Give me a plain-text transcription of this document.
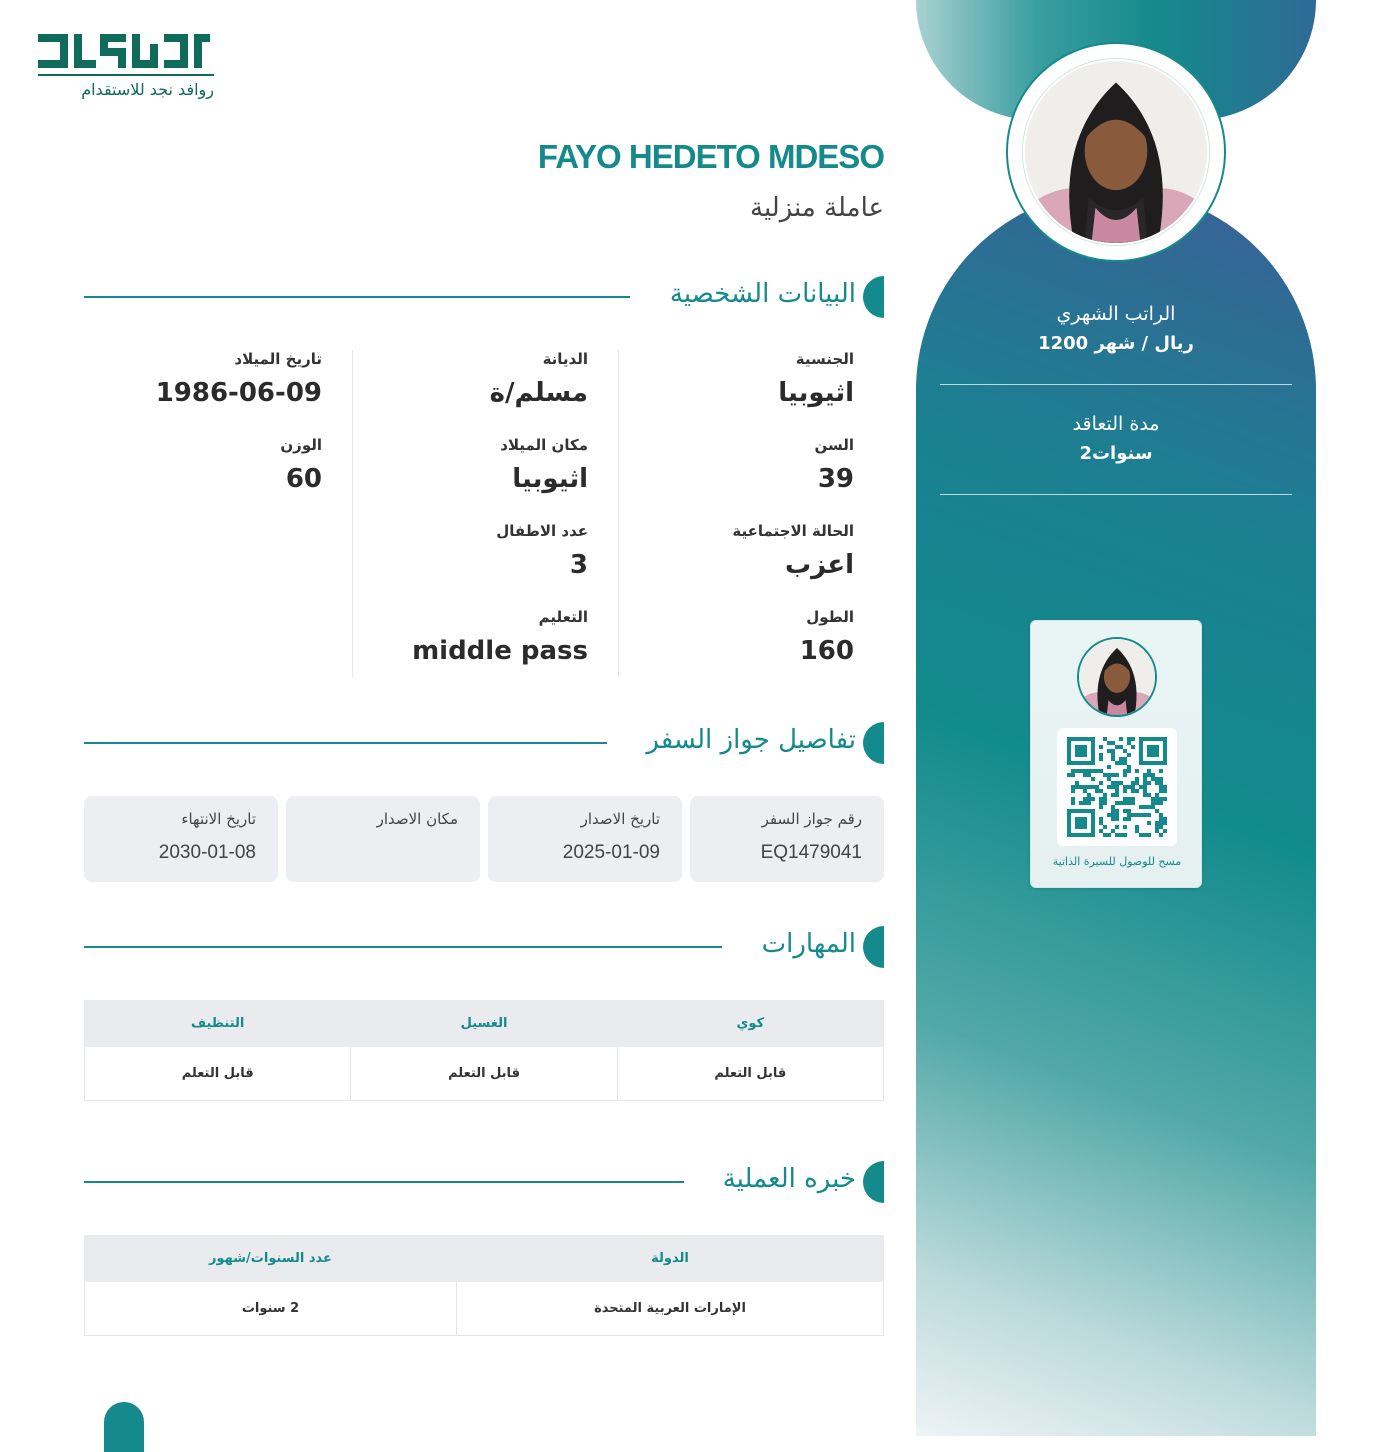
الراتب الشهري
1200 ريال / شهر
مدة التعاقد
2سنوات
مسح للوصول للسيرة الذاتية
روافد نجد للاستقدام
FAYO HEDETO MDESO
عاملة منزلية
البيانات الشخصية
الجنسية
اثيوبيا
السن
39
الحالة الاجتماعية
اعزب
الطول
160
الديانة
مسلم/ة
مكان الميلاد
اثيوبيا
عدد الاطفال
3
التعليم
middle pass
تاريخ الميلاد
1986-06-09
الوزن
60
تفاصيل جواز السفر
رقم جواز السفر
EQ1479041
تاريخ الاصدار
2025-01-09
مكان الاصدار
تاريخ الانتهاء
2030-01-08
المهارات
كوي	الغسيل	التنظيف
قابل التعلم	قابل التعلم	قابل التعلم
خبره العملية
الدولة	عدد السنوات/شهور
الإمارات العربية المتحدة	2 سنوات
